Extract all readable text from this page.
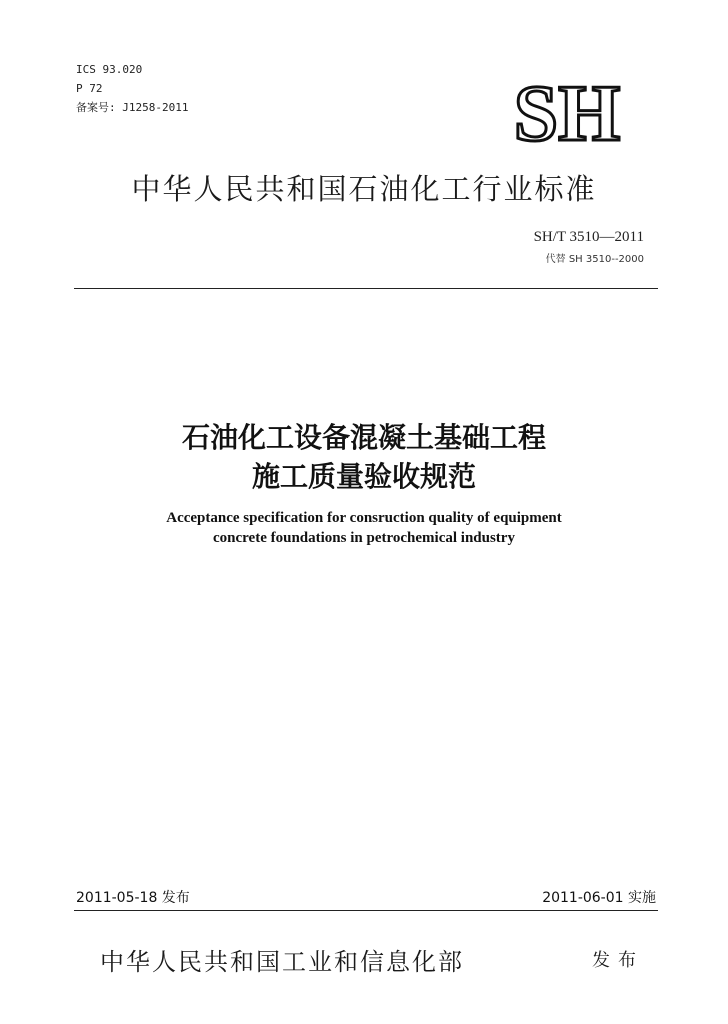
ICS 93.020
P 72
备案号: J1258-2011	SH
中华人民共和国石油化工行业标准
SH/T 3510—2011
代替 SH 3510--2000
石油化工设备混凝土基础工程
施工质量验收规范
Acceptance specification for consruction quality of equipment
concrete foundations in petrochemical industry
2011-05-18 发布	2011-06-01 实施
中华人民共和国工业和信息化部	发布
